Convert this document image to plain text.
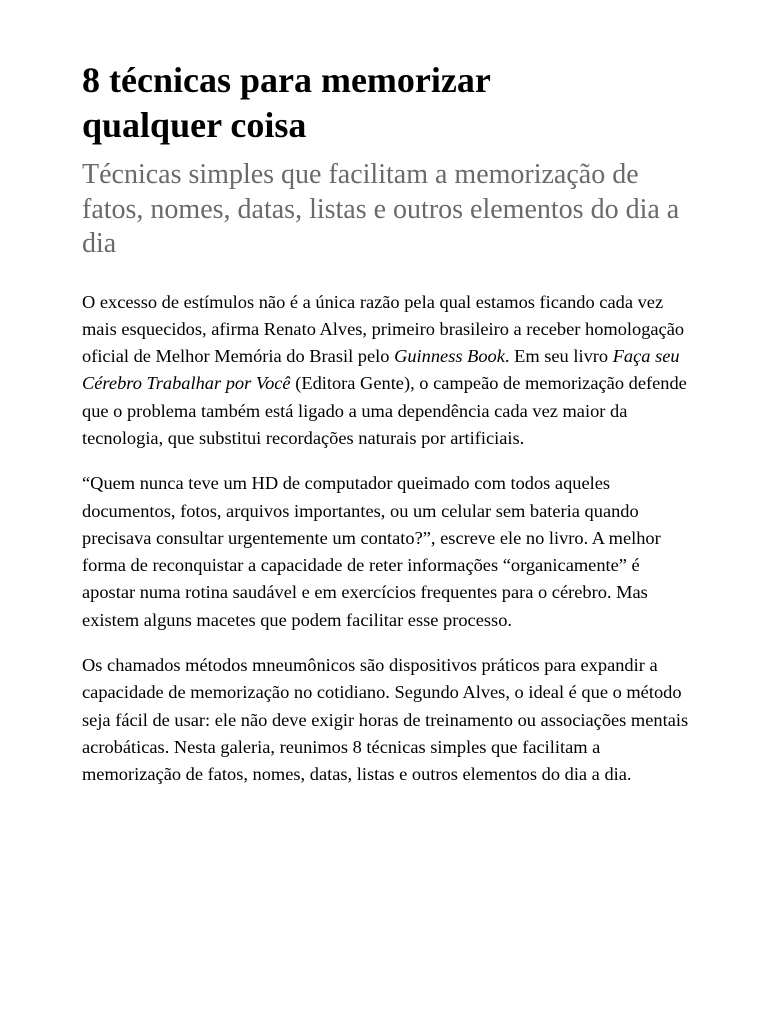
8 técnicas para memorizar qualquer coisa
Técnicas simples que facilitam a memorização de fatos, nomes, datas, listas e outros elementos do dia a dia

O excesso de estímulos não é a única razão pela qual estamos ficando cada vez mais esquecidos, afirma Renato Alves, primeiro brasileiro a receber homologação oficial de Melhor Memória do Brasil pelo Guinness Book. Em seu livro Faça seu Cérebro Trabalhar por Você (Editora Gente), o campeão de memorização defende que o problema também está ligado a uma dependência cada vez maior da tecnologia, que substitui recordações naturais por artificiais.

“Quem nunca teve um HD de computador queimado com todos aqueles documentos, fotos, arquivos importantes, ou um celular sem bateria quando precisava consultar urgentemente um contato?”, escreve ele no livro. A melhor forma de reconquistar a capacidade de reter informações “organicamente” é apostar numa rotina saudável e em exercícios frequentes para o cérebro. Mas existem alguns macetes que podem facilitar esse processo.

Os chamados métodos mneumônicos são dispositivos práticos para expandir a capacidade de memorização no cotidiano. Segundo Alves, o ideal é que o método seja fácil de usar: ele não deve exigir horas de treinamento ou associações mentais acrobáticas. Nesta galeria, reunimos 8 técnicas simples que facilitam a memorização de fatos, nomes, datas, listas e outros elementos do dia a dia.
